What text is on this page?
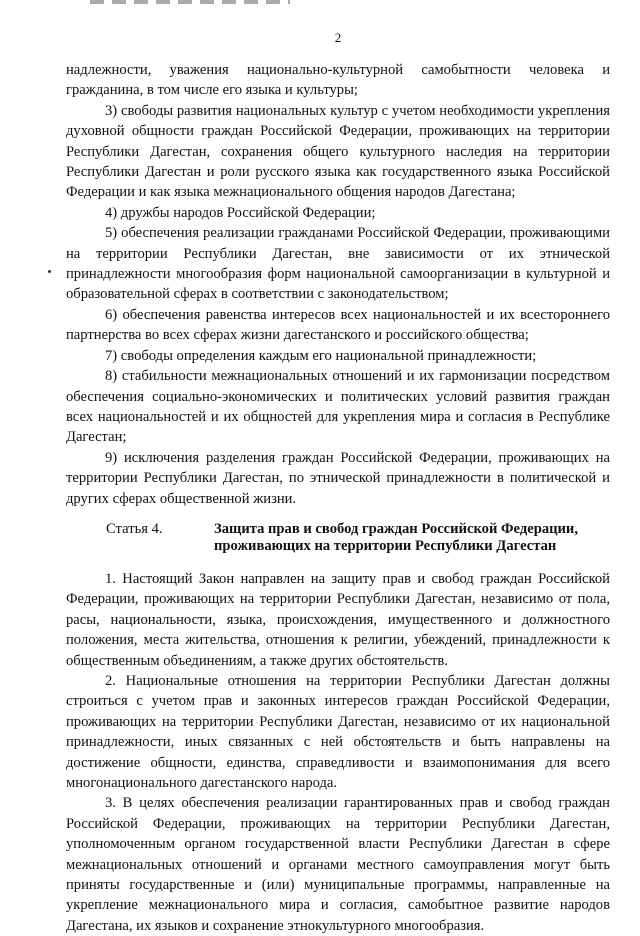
2

надлежности, уважения национально-культурной самобытности человека и гражданина, в том числе его языка и культуры;

3) свободы развития национальных культур с учетом необходимости укрепления духовной общности граждан Российской Федерации, проживающих на территории Республики Дагестан, сохранения общего культурного наследия на территории Республики Дагестан и роли русского языка как государственного языка Российской Федерации и как языка межнационального общения народов Дагестана;

4) дружбы народов Российской Федерации;

5) обеспечения реализации гражданами Российской Федерации, проживающими на территории Республики Дагестан, вне зависимости от их этнической принадлежности многообразия форм национальной самоорганизации в культурной и образовательной сферах в соответствии с законодательством;

6) обеспечения равенства интересов всех национальностей и их всестороннего партнерства во всех сферах жизни дагестанского и российского общества;

7) свободы определения каждым его национальной принадлежности;

8) стабильности межнациональных отношений и их гармонизации посредством обеспечения социально-экономических и политических условий развития граждан всех национальностей и их общностей для укрепления мира и согласия в Республике Дагестан;

9) исключения разделения граждан Российской Федерации, проживающих на территории Республики Дагестан, по этнической принадлежности в политической и других сферах общественной жизни.

Статья 4.	Защита прав и свобод граждан Российской Федерации,
проживающих на территории Республики Дагестан

1. Настоящий Закон направлен на защиту прав и свобод граждан Российской Федерации, проживающих на территории Республики Дагестан, независимо от пола, расы, национальности, языка, происхождения, имущественного и должностного положения, места жительства, отношения к религии, убеждений, принадлежности к общественным объединениям, а также других обстоятельств.

2. Национальные отношения на территории Республики Дагестан должны строиться с учетом прав и законных интересов граждан Российской Федерации, проживающих на территории Республики Дагестан, независимо от их национальной принадлежности, иных связанных с ней обстоятельств и быть направлены на достижение общности, единства, справедливости и взаимопонимания для всего многонационального дагестанского народа.

3. В целях обеспечения реализации гарантированных прав и свобод граждан Российской Федерации, проживающих на территории Республики Дагестан, уполномоченным органом государственной власти Республики Дагестан в сфере межнациональных отношений и органами местного самоуправления могут быть приняты государственные и (или) муниципальные программы, направленные на укрепление межнационального мира и согласия, самобытное развитие народов Дагестана, их языков и сохранение этнокультурного многообразия.
